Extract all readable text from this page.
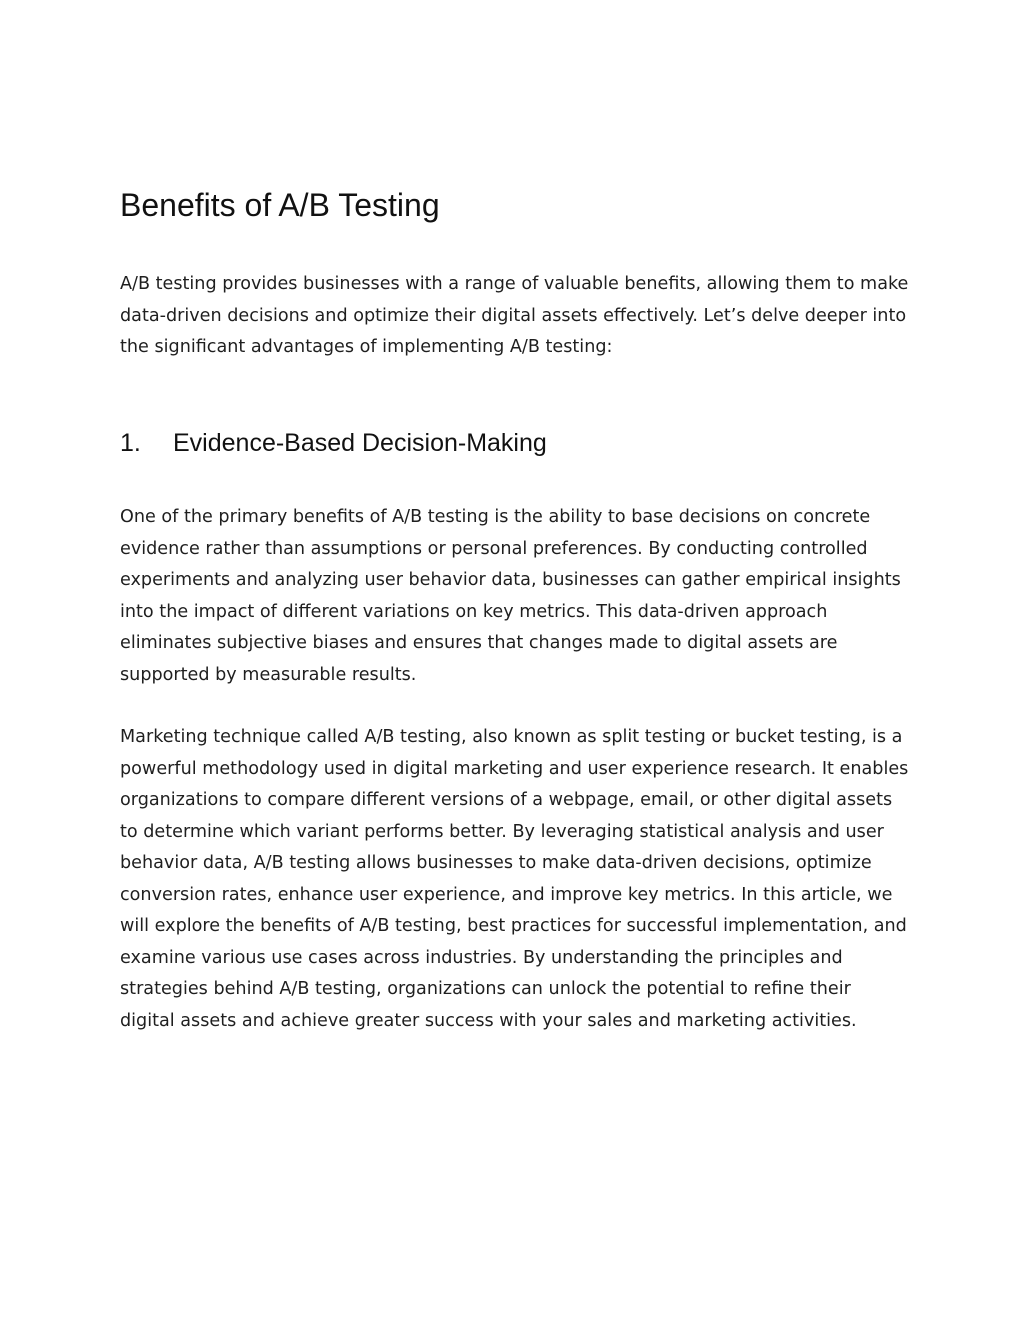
Benefits of A/B Testing

A/B testing provides businesses with a range of valuable benefits, allowing them to make data-driven decisions and optimize their digital assets effectively. Let’s delve deeper into the significant advantages of implementing A/B testing:

1. Evidence-Based Decision-Making

One of the primary benefits of A/B testing is the ability to base decisions on concrete evidence rather than assumptions or personal preferences. By conducting controlled experiments and analyzing user behavior data, businesses can gather empirical insights into the impact of different variations on key metrics. This data-driven approach eliminates subjective biases and ensures that changes made to digital assets are supported by measurable results.

Marketing technique called A/B testing, also known as split testing or bucket testing, is a powerful methodology used in digital marketing and user experience research. It enables organizations to compare different versions of a webpage, email, or other digital assets to determine which variant performs better. By leveraging statistical analysis and user behavior data, A/B testing allows businesses to make data-driven decisions, optimize conversion rates, enhance user experience, and improve key metrics. In this article, we will explore the benefits of A/B testing, best practices for successful implementation, and examine various use cases across industries. By understanding the principles and strategies behind A/B testing, organizations can unlock the potential to refine their digital assets and achieve greater success with your sales and marketing activities.
